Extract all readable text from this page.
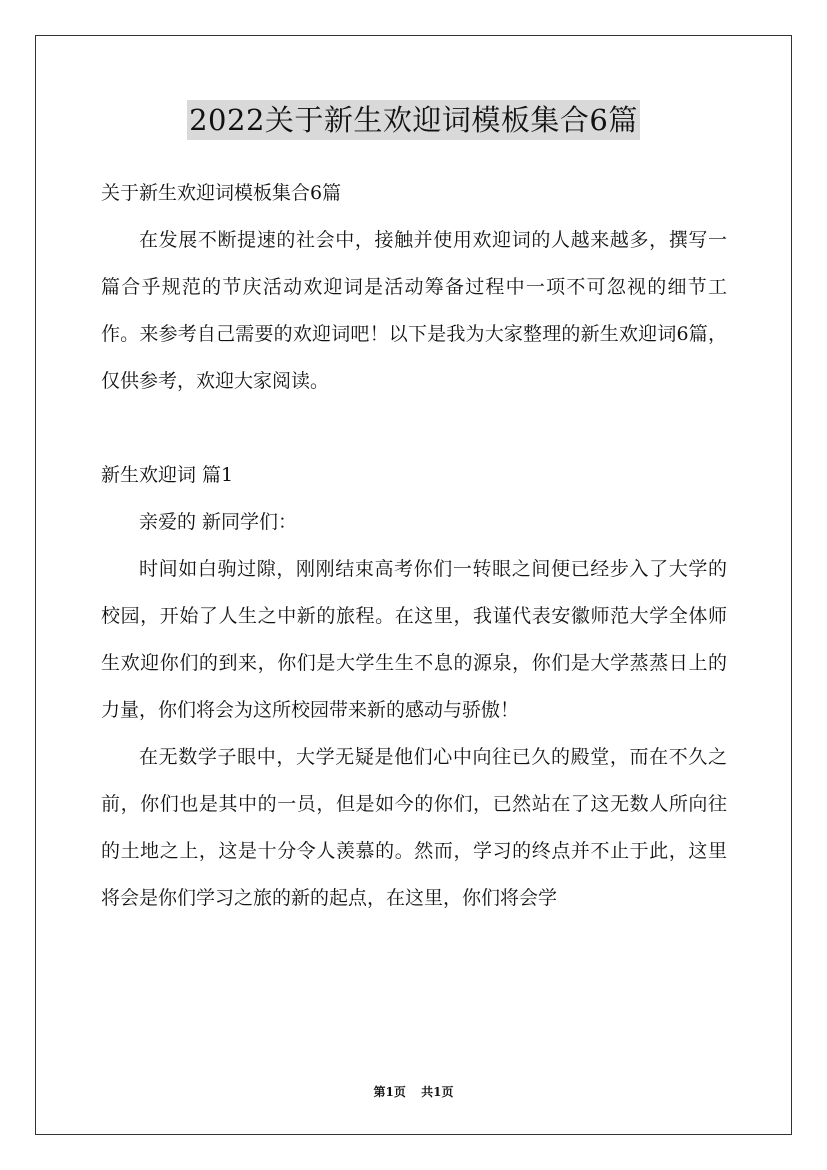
2022关于新生欢迎词模板集合6篇

关于新生欢迎词模板集合6篇

在发展不断提速的社会中，接触并使用欢迎词的人越来越多，撰写一篇合乎规范的节庆活动欢迎词是活动筹备过程中一项不可忽视的细节工作。来参考自己需要的欢迎词吧！以下是我为大家整理的新生欢迎词6篇，仅供参考，欢迎大家阅读。

新生欢迎词 篇1

亲爱的 新同学们：

时间如白驹过隙，刚刚结束高考你们一转眼之间便已经步入了大学的校园，开始了人生之中新的旅程。在这里，我谨代表安徽师范大学全体师生欢迎你们的到来，你们是大学生生不息的源泉，你们是大学蒸蒸日上的力量，你们将会为这所校园带来新的感动与骄傲！

在无数学子眼中，大学无疑是他们心中向往已久的殿堂，而在不久之前，你们也是其中的一员，但是如今的你们，已然站在了这无数人所向往的土地之上，这是十分令人羡慕的。然而，学习的终点并不止于此，这里将会是你们学习之旅的新的起点，在这里，你们将会学

第1页 共1页
